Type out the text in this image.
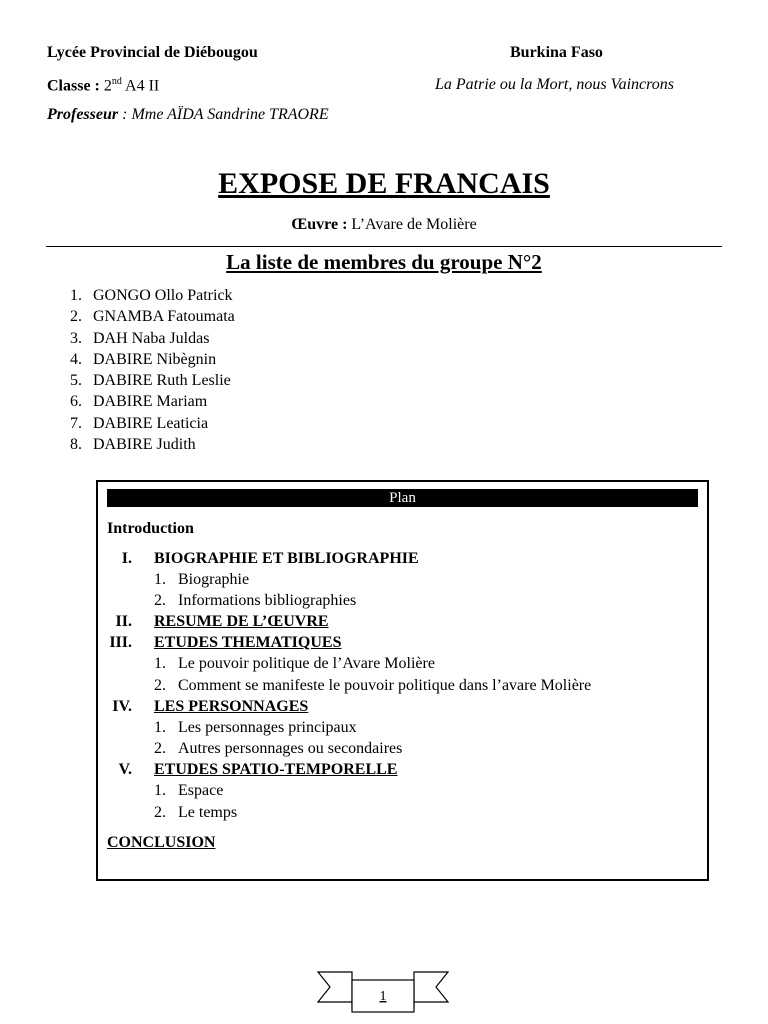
Lycée Provincial de Diébougou	Burkina Faso
Classe : 2nd A4 II	La Patrie ou la Mort, nous Vaincrons
Professeur : Mme AÏDA Sandrine TRAORE
EXPOSE DE FRANCAIS
Œuvre : L’Avare de Molière
La liste de membres du groupe N°2
1. GONGO Ollo Patrick
2. GNAMBA Fatoumata
3. DAH Naba Juldas
4. DABIRE Nibègnin
5. DABIRE Ruth Leslie
6. DABIRE Mariam
7. DABIRE Leaticia
8. DABIRE Judith
Plan
Introduction
I. BIOGRAPHIE ET BIBLIOGRAPHIE
1. Biographie
2. Informations bibliographies
II. RESUME DE L’ŒUVRE
III. ETUDES THEMATIQUES
1. Le pouvoir politique de l’Avare Molière
2. Comment se manifeste le pouvoir politique dans l’avare Molière
IV. LES PERSONNAGES
1. Les personnages principaux
2. Autres personnages ou secondaires
V. ETUDES SPATIO-TEMPORELLE
1. Espace
2. Le temps
CONCLUSION
1
